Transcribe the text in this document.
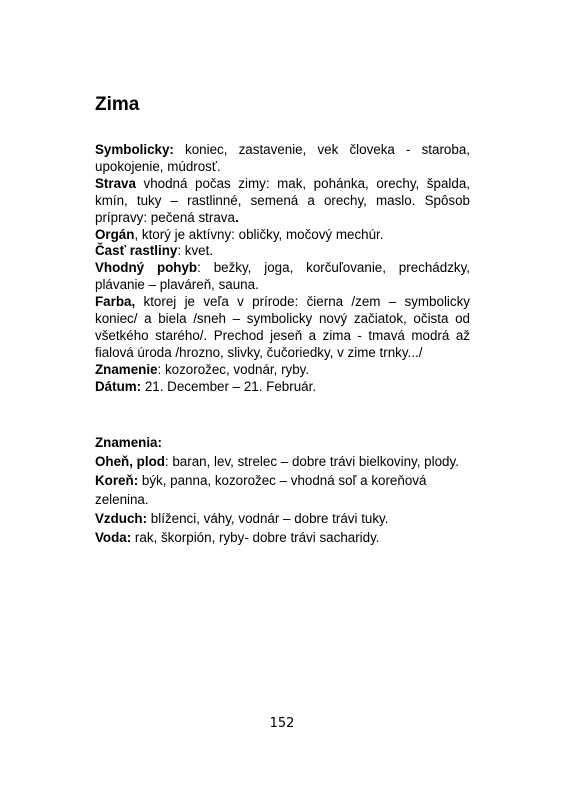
Zima

Symbolicky: koniec, zastavenie, vek človeka - staroba, upokojenie, múdrosť.

Strava vhodná počas zimy: mak, pohánka, orechy, špalda, kmín, tuky – rastlinné, semená a orechy, maslo. Spôsob prípravy: pečená strava.

Orgán, ktorý je aktívny: obličky, močový mechúr.

Časť rastliny: kvet.

Vhodný pohyb: bežky, joga, korčuľovanie, prechádzky, plávanie – plaváreň, sauna.

Farba, ktorej je veľa v prírode: čierna /zem – symbolicky koniec/ a biela /sneh – symbolicky nový začiatok, očista od všetkého starého/. Prechod jeseň a zima - tmavá modrá až fialová úroda /hrozno, slivky, čučoriedky, v zime trnky.../

Znamenie: kozorožec, vodnár, ryby.

Dátum: 21. December – 21. Február.

Znamenia:

Oheň, plod: baran, lev, strelec – dobre trávi bielkoviny, plody.

Koreň: býk, panna, kozorožec – vhodná soľ a koreňová zelenina.

Vzduch: blíženci, váhy, vodnár – dobre trávi tuky.

Voda: rak, škorpión, ryby- dobre trávi sacharidy.

152
